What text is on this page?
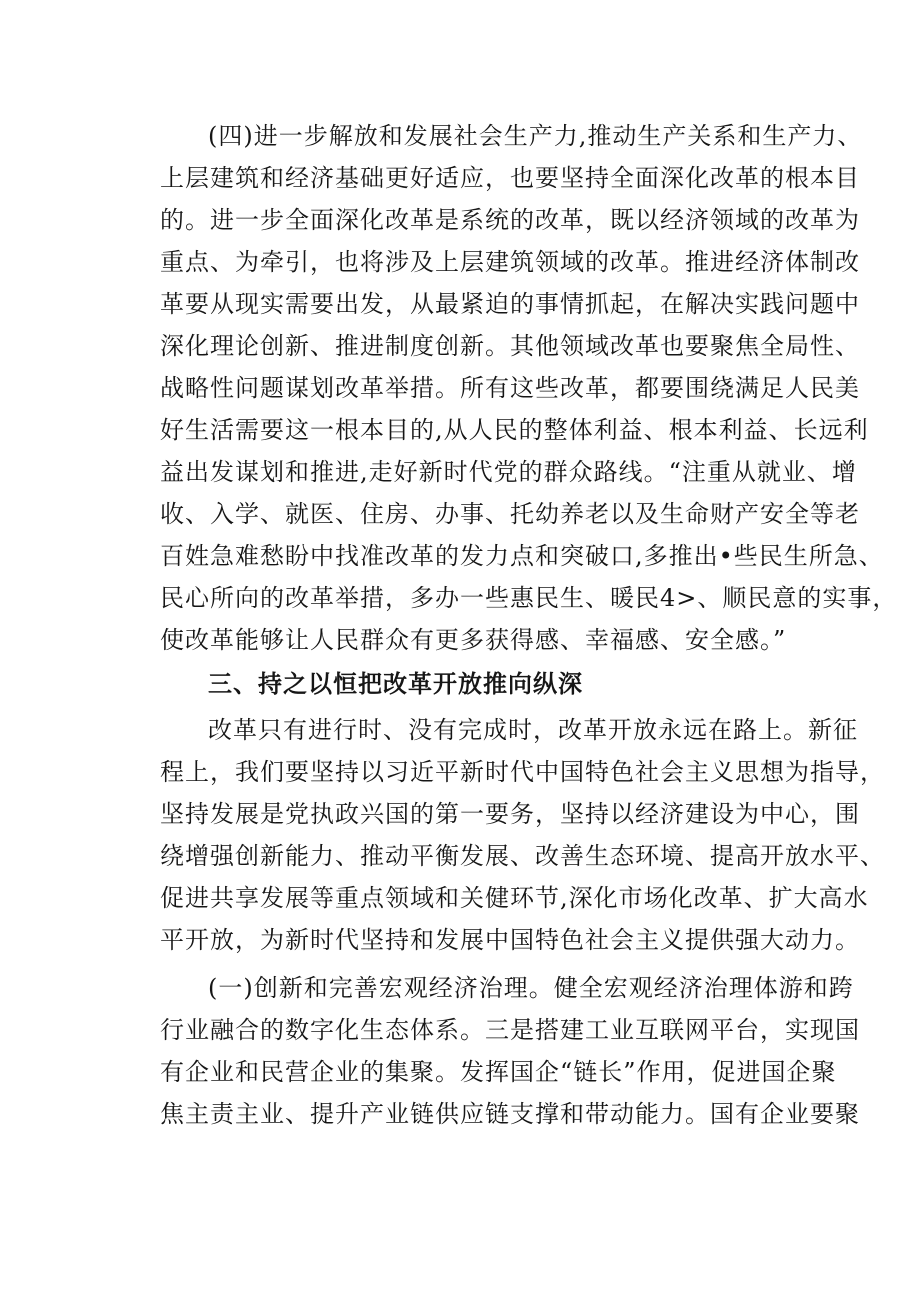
(四)进一步解放和发展社会生产力,推动生产关系和生产力、
上层建筑和经济基础更好适应，也要坚持全面深化改革的根本目
的。进一步全面深化改革是系统的改革，既以经济领域的改革为
重点、为牵引，也将涉及上层建筑领域的改革。推进经济体制改
革要从现实需要出发，从最紧迫的事情抓起，在解决实践问题中
深化理论创新、推进制度创新。其他领域改革也要聚焦全局性、
战略性问题谋划改革举措。所有这些改革，都要围绕满足人民美
好生活需要这一根本目的,从人民的整体利益、根本利益、长远利
益出发谋划和推进,走好新时代党的群众路线。“注重从就业、增
收、入学、就医、住房、办事、托幼养老以及生命财产安全等老
百姓急难愁盼中找准改革的发力点和突破口,多推出•些民生所急、
民心所向的改革举措，多办一些惠民生、暖民4>、顺民意的实事，
使改革能够让人民群众有更多获得感、幸福感、安全感。”
三、持之以恒把改革开放推向纵深
改革只有进行时、没有完成时，改革开放永远在路上。新征
程上，我们要坚持以习近平新时代中国特色社会主义思想为指导，
坚持发展是党执政兴国的第一要务，坚持以经济建设为中心，围
绕增强创新能力、推动平衡发展、改善生态环境、提高开放水平、
促进共享发展等重点领域和关健环节,深化市场化改革、扩大高水
平开放，为新时代坚持和发展中国特色社会主义提供强大动力。
(一)创新和完善宏观经济治理。健全宏观经济治理体游和跨
行业融合的数字化生态体系。三是搭建工业互联网平台，实现国
有企业和民营企业的集聚。发挥国企“链长”作用，促进国企聚
焦主责主业、提升产业链供应链支撑和带动能力。国有企业要聚
